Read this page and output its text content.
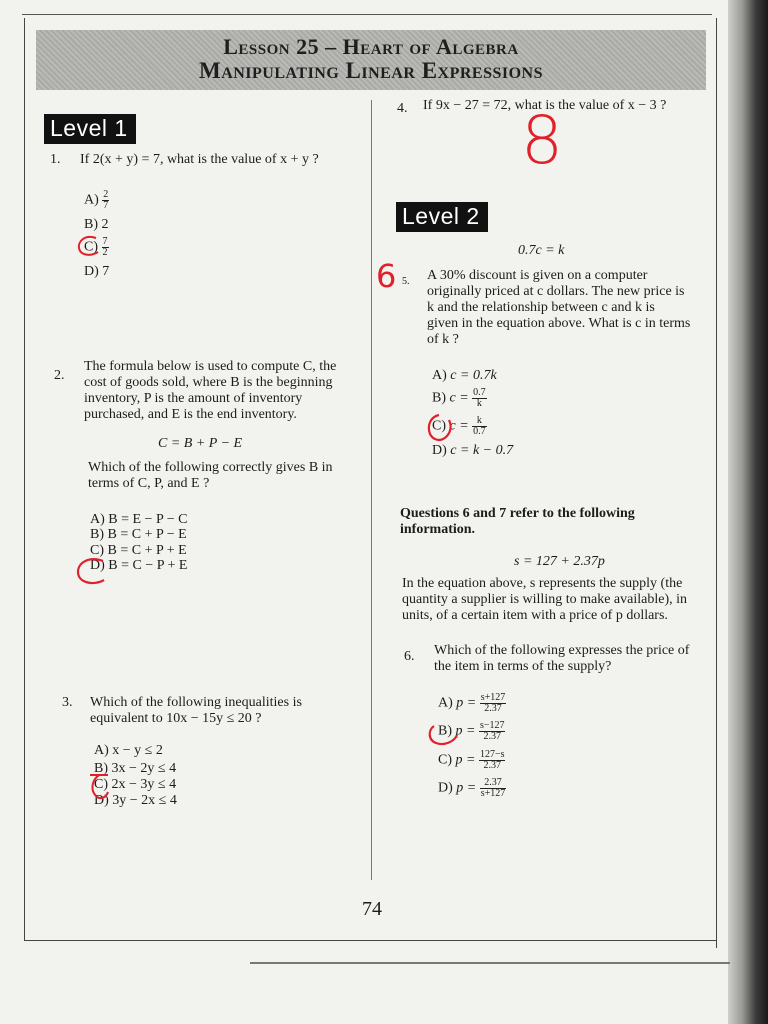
Lesson 25 – Heart of Algebra
Manipulating Linear Expressions
Level 1
1. If 2(x + y) = 7, what is the value of x + y ?
$A) \frac{2}{7}$
B) 2
$C) \frac{7}{2}$
D) 7
2.
The formula below is used to compute C, the
cost of goods sold, where B is the beginning
inventory, P is the amount of inventory
purchased, and E is the end inventory.
C = B + P − E
Which of the following correctly gives B in
terms of C, P, and E ?
A) B = E − P − C
B) B = C + P − E
C) B = C + P + E
D) B = C − P + E
3. Which of the following inequalities is
equivalent to 10x − 15y ≤ 20 ?
A) x − y ≤ 2
B) 3x − 2y ≤ 4
C) 2x − 3y ≤ 4
D) 3y − 2x ≤ 4
4. If 9x − 27 = 72, what is the value of x − 3 ?
8
Level 2
0.7c = k
6 5. A 30% discount is given on a computer
originally priced at c dollars. The new price is
k and the relationship between c and k is
given in the equation above. What is c in terms
of k ?
A) c = 0.7k
B) $c = \frac{0.7}{k}$
C) $c = \frac{k}{0.7}$
D) c = k − 0.7
Questions 6 and 7 refer to the following
information.
s = 127 + 2.37p
In the equation above, s represents the supply (the
quantity a supplier is willing to make available), in
units, of a certain item with a price of p dollars.
6. Which of the following expresses the price of
the item in terms of the supply?
A) $p = \frac{s+127}{2.37}$
B) $p = \frac{s-127}{2.37}$
C) $p = \frac{127-s}{2.37}$
D) $p = \frac{2.37}{s+127}$
74
